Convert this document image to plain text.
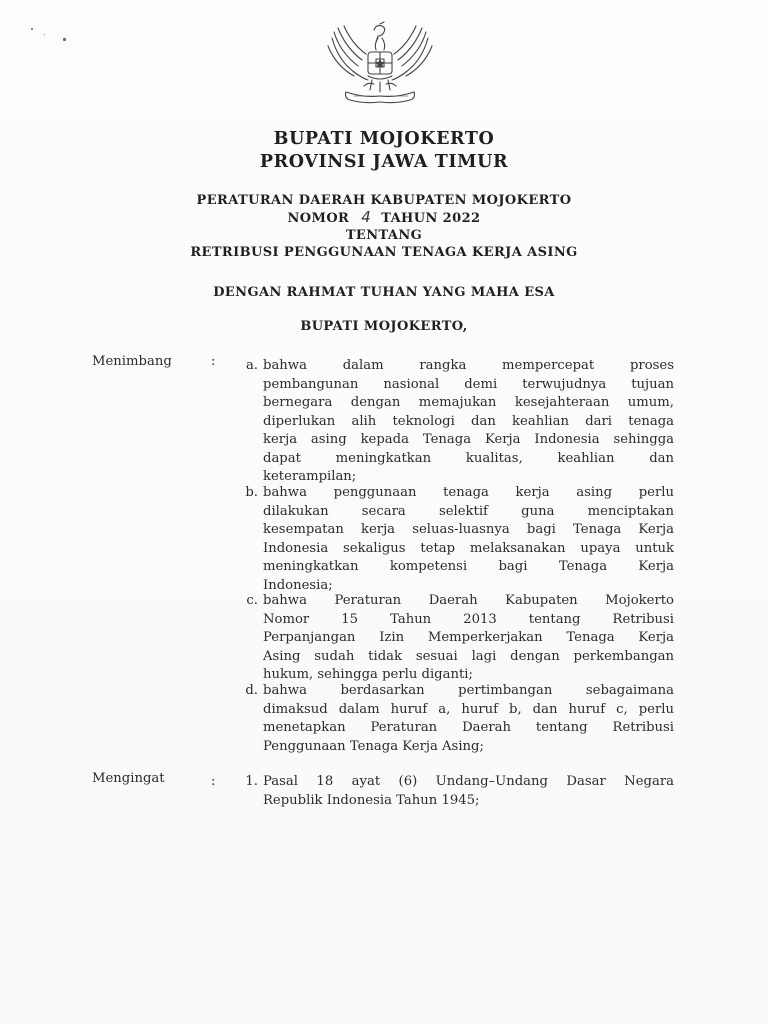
BUPATI MOJOKERTO
PROVINSI JAWA TIMUR
PERATURAN DAERAH KABUPATEN MOJOKERTO
NOMOR 4 TAHUN 2022
TENTANG
RETRIBUSI PENGGUNAAN TENAGA KERJA ASING
DENGAN RAHMAT TUHAN YANG MAHA ESA
BUPATI MOJOKERTO,
Menimbang	:	a. bahwa dalam rangka mempercepat proses
pembangunan nasional demi terwujudnya tujuan
bernegara dengan memajukan kesejahteraan umum,
diperlukan alih teknologi dan keahlian dari tenaga
kerja asing kepada Tenaga Kerja Indonesia sehingga
dapat meningkatkan kualitas, keahlian dan
keterampilan;
b. bahwa penggunaan tenaga kerja asing perlu
dilakukan secara selektif guna menciptakan
kesempatan kerja seluas-luasnya bagi Tenaga Kerja
Indonesia sekaligus tetap melaksanakan upaya untuk
meningkatkan kompetensi bagi Tenaga Kerja
Indonesia;
c. bahwa Peraturan Daerah Kabupaten Mojokerto
Nomor 15 Tahun 2013 tentang Retribusi
Perpanjangan Izin Memperkerjakan Tenaga Kerja
Asing sudah tidak sesuai lagi dengan perkembangan
hukum, sehingga perlu diganti;
d. bahwa berdasarkan pertimbangan sebagaimana
dimaksud dalam huruf a, huruf b, dan huruf c, perlu
menetapkan Peraturan Daerah tentang Retribusi
Penggunaan Tenaga Kerja Asing;
Mengingat	:	1. Pasal 18 ayat (6) Undang–Undang Dasar Negara
Republik Indonesia Tahun 1945;
